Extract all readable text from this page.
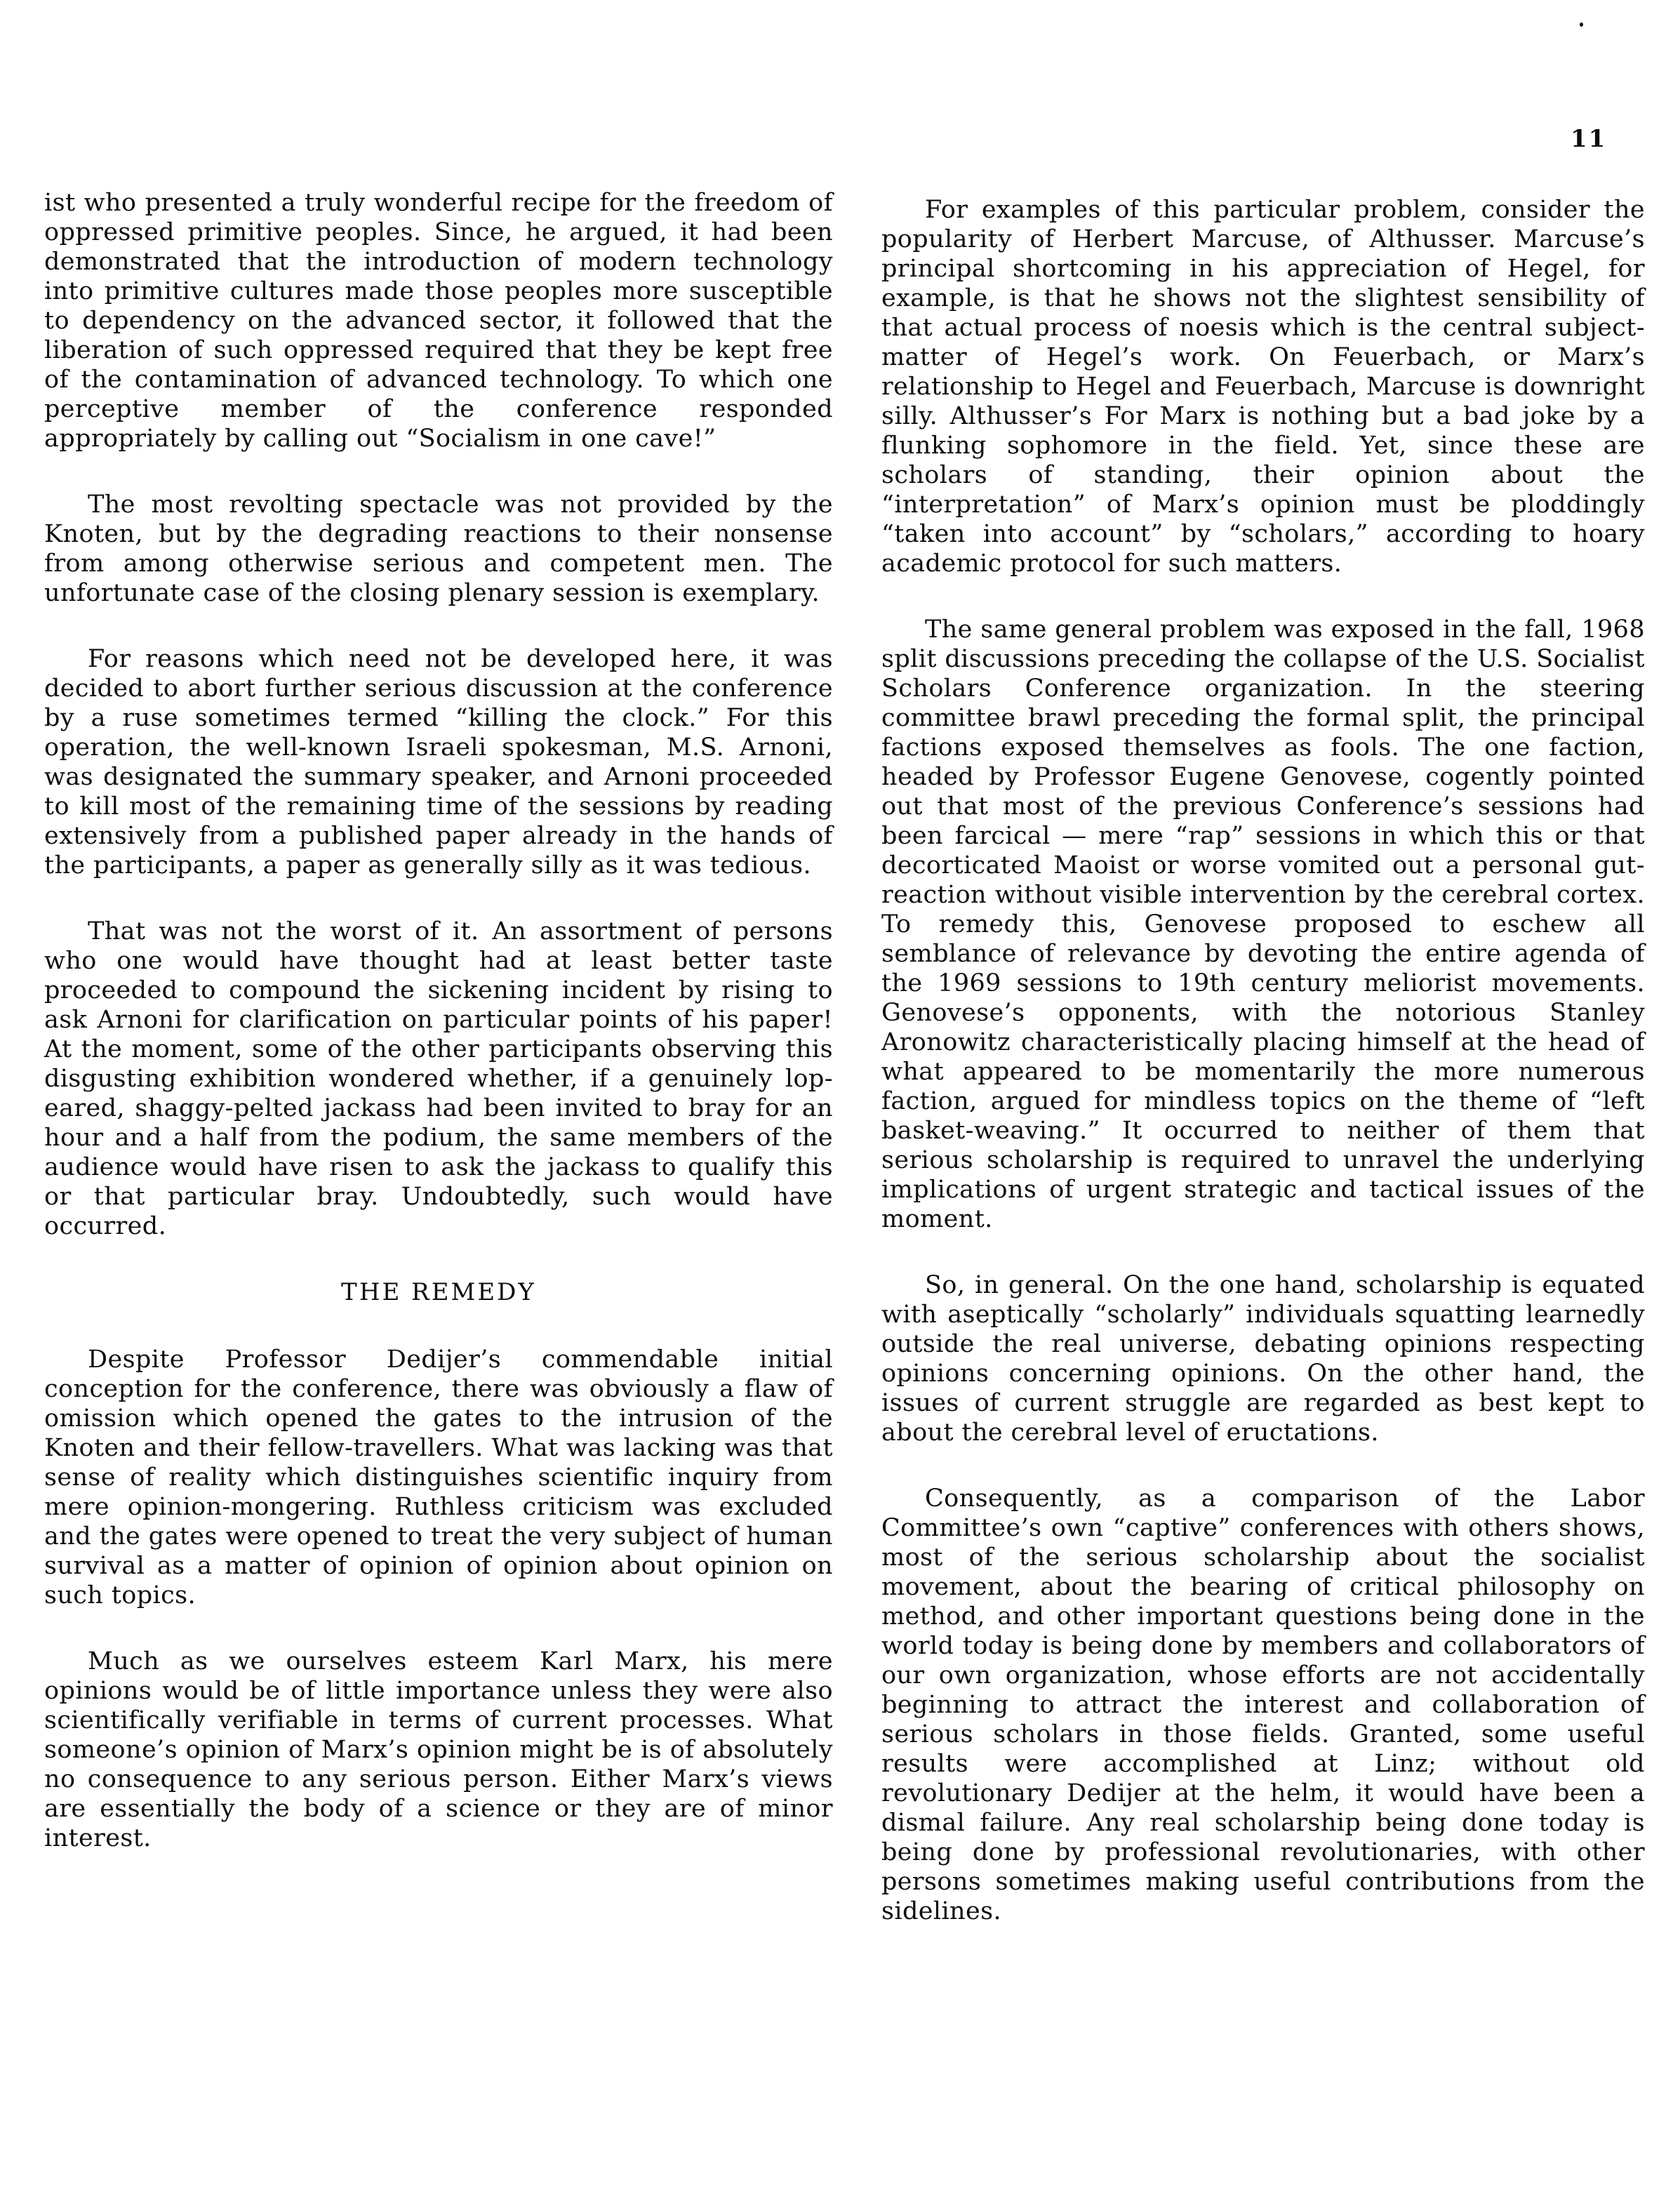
11

ist who presented a truly wonderful recipe for the freedom of oppressed primitive peoples. Since, he argued, it had been demonstrated that the introduction of modern technology into primitive cultures made those peoples more susceptible to dependency on the advanced sector, it followed that the liberation of such oppressed required that they be kept free of the contamination of advanced technology. To which one perceptive member of the conference responded appropriately by calling out “Socialism in one cave!”

The most revolting spectacle was not provided by the Knoten, but by the degrading reactions to their nonsense from among otherwise serious and competent men. The unfortunate case of the closing plenary session is exemplary.

For reasons which need not be developed here, it was decided to abort further serious discussion at the conference by a ruse sometimes termed “killing the clock.” For this operation, the well-known Israeli spokesman, M.S. Arnoni, was designated the summary speaker, and Arnoni proceeded to kill most of the remaining time of the sessions by reading extensively from a published paper already in the hands of the participants, a paper as generally silly as it was tedious.

That was not the worst of it. An assortment of persons who one would have thought had at least better taste proceeded to compound the sickening incident by rising to ask Arnoni for clarification on particular points of his paper! At the moment, some of the other participants observing this disgusting exhibition wondered whether, if a genuinely lop-eared, shaggy-pelted jackass had been invited to bray for an hour and a half from the podium, the same members of the audience would have risen to ask the jackass to qualify this or that particular bray. Undoubtedly, such would have occurred.

THE REMEDY

Despite Professor Dedijer’s commendable initial conception for the conference, there was obviously a flaw of omission which opened the gates to the intrusion of the Knoten and their fellow-travellers. What was lacking was that sense of reality which distinguishes scientific inquiry from mere opinion-mongering. Ruthless criticism was excluded and the gates were opened to treat the very subject of human survival as a matter of opinion of opinion about opinion on such topics.

Much as we ourselves esteem Karl Marx, his mere opinions would be of little importance unless they were also scientifically verifiable in terms of current processes. What someone’s opinion of Marx’s opinion might be is of absolutely no consequence to any serious person. Either Marx’s views are essentially the body of a science or they are of minor interest.

For examples of this particular problem, consider the popularity of Herbert Marcuse, of Althusser. Marcuse’s principal shortcoming in his appreciation of Hegel, for example, is that he shows not the slightest sensibility of that actual process of noesis which is the central subject-matter of Hegel’s work. On Feuerbach, or Marx’s relationship to Hegel and Feuerbach, Marcuse is downright silly. Althusser’s For Marx is nothing but a bad joke by a flunking sophomore in the field. Yet, since these are scholars of standing, their opinion about the “interpretation” of Marx’s opinion must be ploddingly “taken into account” by “scholars,” according to hoary academic protocol for such matters.

The same general problem was exposed in the fall, 1968 split discussions preceding the collapse of the U.S. Socialist Scholars Conference organization. In the steering committee brawl preceding the formal split, the principal factions exposed themselves as fools. The one faction, headed by Professor Eugene Genovese, cogently pointed out that most of the previous Conference’s sessions had been farcical — mere “rap” sessions in which this or that decorticated Maoist or worse vomited out a personal gut-reaction without visible intervention by the cerebral cortex. To remedy this, Genovese proposed to eschew all semblance of relevance by devoting the entire agenda of the 1969 sessions to 19th century meliorist movements. Genovese’s opponents, with the notorious Stanley Aronowitz characteristically placing himself at the head of what appeared to be momentarily the more numerous faction, argued for mindless topics on the theme of “left basket-weaving.” It occurred to neither of them that serious scholarship is required to unravel the underlying implications of urgent strategic and tactical issues of the moment.

So, in general. On the one hand, scholarship is equated with aseptically “scholarly” individuals squatting learnedly outside the real universe, debating opinions respecting opinions concerning opinions. On the other hand, the issues of current struggle are regarded as best kept to about the cerebral level of eructations.

Consequently, as a comparison of the Labor Committee’s own “captive” conferences with others shows, most of the serious scholarship about the socialist movement, about the bearing of critical philosophy on method, and other important questions being done in the world today is being done by members and collaborators of our own organization, whose efforts are not accidentally beginning to attract the interest and collaboration of serious scholars in those fields. Granted, some useful results were accomplished at Linz; without old revolutionary Dedijer at the helm, it would have been a dismal failure. Any real scholarship being done today is being done by professional revolutionaries, with other persons sometimes making useful contributions from the sidelines.
